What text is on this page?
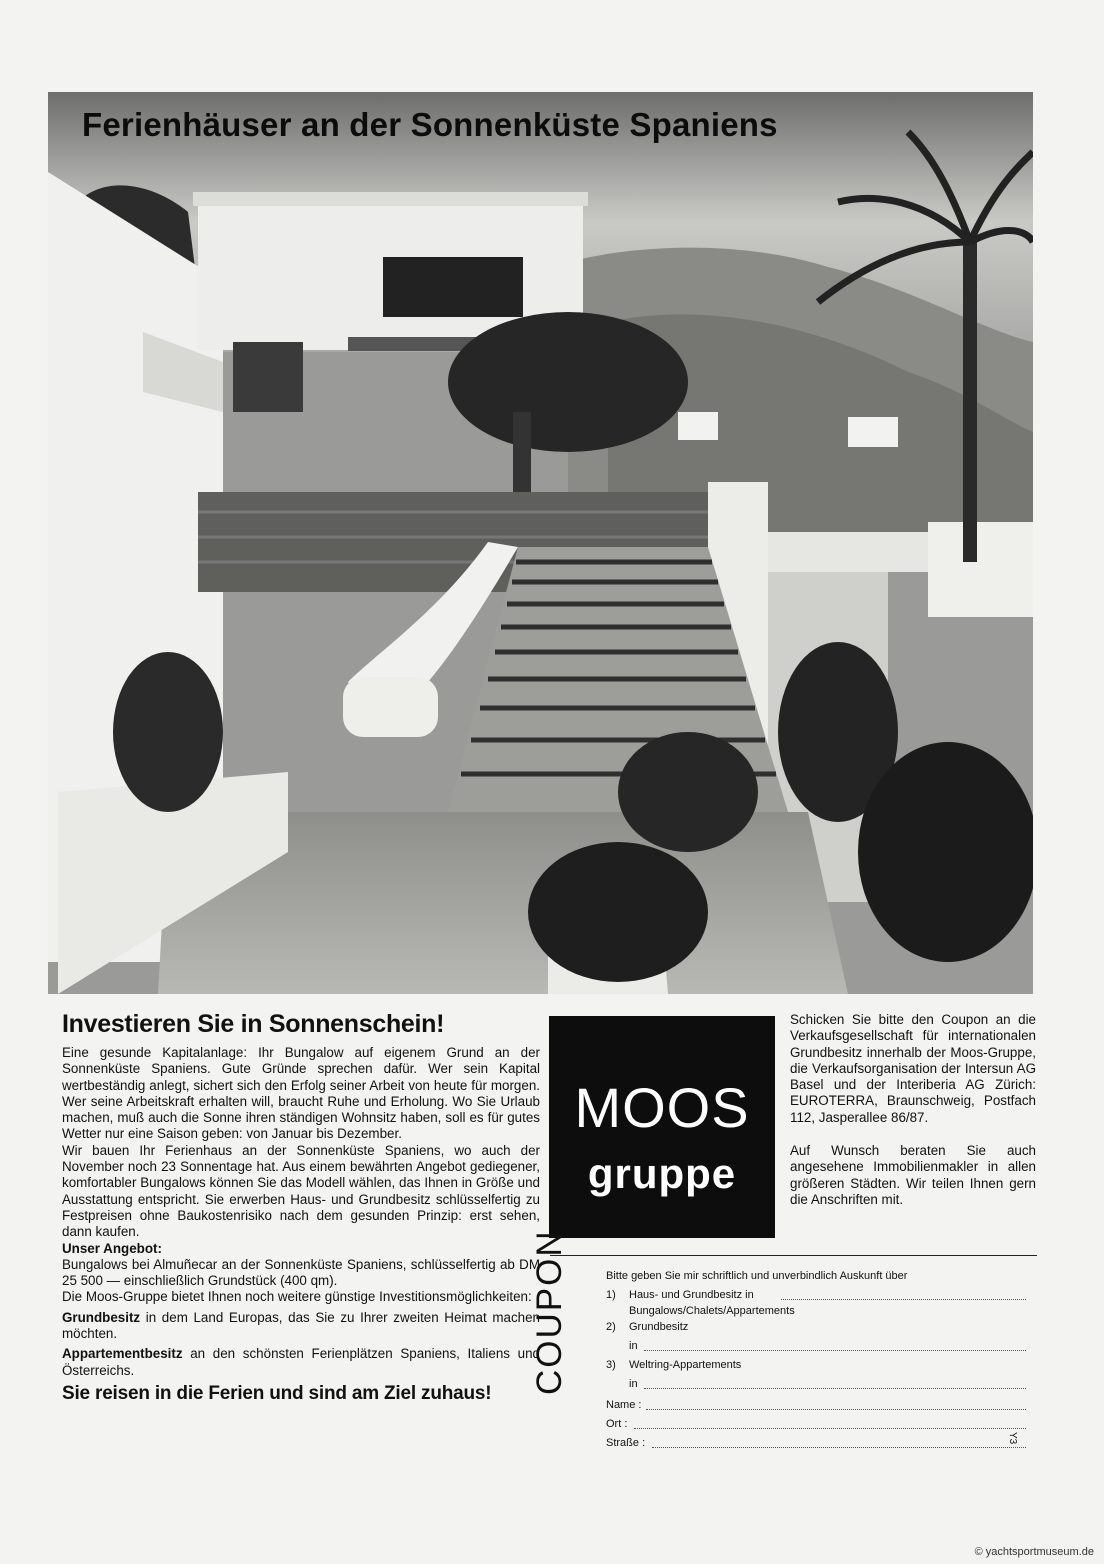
Ferienhäuser an der Sonnenküste Spaniens
Investieren Sie in Sonnenschein!

Eine gesunde Kapitalanlage: Ihr Bungalow auf eigenem Grund an der Sonnenküste Spaniens. Gute Gründe sprechen dafür. Wer sein Kapital wertbeständig anlegt, sichert sich den Erfolg seiner Arbeit von heute für morgen. Wer seine Arbeitskraft erhalten will, braucht Ruhe und Erholung. Wo Sie Urlaub machen, muß auch die Sonne ihren ständigen Wohnsitz haben, soll es für gutes Wetter nur eine Saison geben: von Januar bis Dezember.

Wir bauen Ihr Ferienhaus an der Sonnenküste Spaniens, wo auch der November noch 23 Sonnentage hat. Aus einem bewährten Angebot gediegener, komfortabler Bungalows können Sie das Modell wählen, das Ihnen in Größe und Ausstattung entspricht. Sie erwerben Haus- und Grundbesitz schlüsselfertig zu Festpreisen ohne Baukostenrisiko nach dem gesunden Prinzip: erst sehen, dann kaufen.

Unser Angebot:

Bungalows bei Almuñecar an der Sonnenküste Spaniens, schlüsselfertig ab DM 25 500 — einschließlich Grundstück (400 qm).

Die Moos-Gruppe bietet Ihnen noch weitere günstige Investitionsmöglichkeiten:

Grundbesitz in dem Land Europas, das Sie zu Ihrer zweiten Heimat machen möchten.

Appartementbesitz an den schönsten Ferienplätzen Spaniens, Italiens und Österreichs.

Sie reisen in die Ferien und sind am Ziel zuhaus!

MOOS
gruppe

Schicken Sie bitte den Coupon an die Verkaufsgesellschaft für internationalen Grundbesitz innerhalb der Moos-Gruppe, die Verkaufsorganisation der Intersun AG Basel und der Interiberia AG Zürich: EUROTERRA, Braunschweig, Postfach 112, Jasperallee 86/87.

Auf Wunsch beraten Sie auch angesehene Immobilienmakler in allen größeren Städten. Wir teilen Ihnen gern die Anschriften mit.

COUPON	Bitte geben Sie mir schriftlich und unverbindlich Auskunft über

1) Haus- und Grundbesitz in
Bungalows/Chalets/Appartements
2) Grundbesitz
in
3) Weltring-Appartements
in
Name :
Ort :
Straße :	Y3
© yachtsportmuseum.de
